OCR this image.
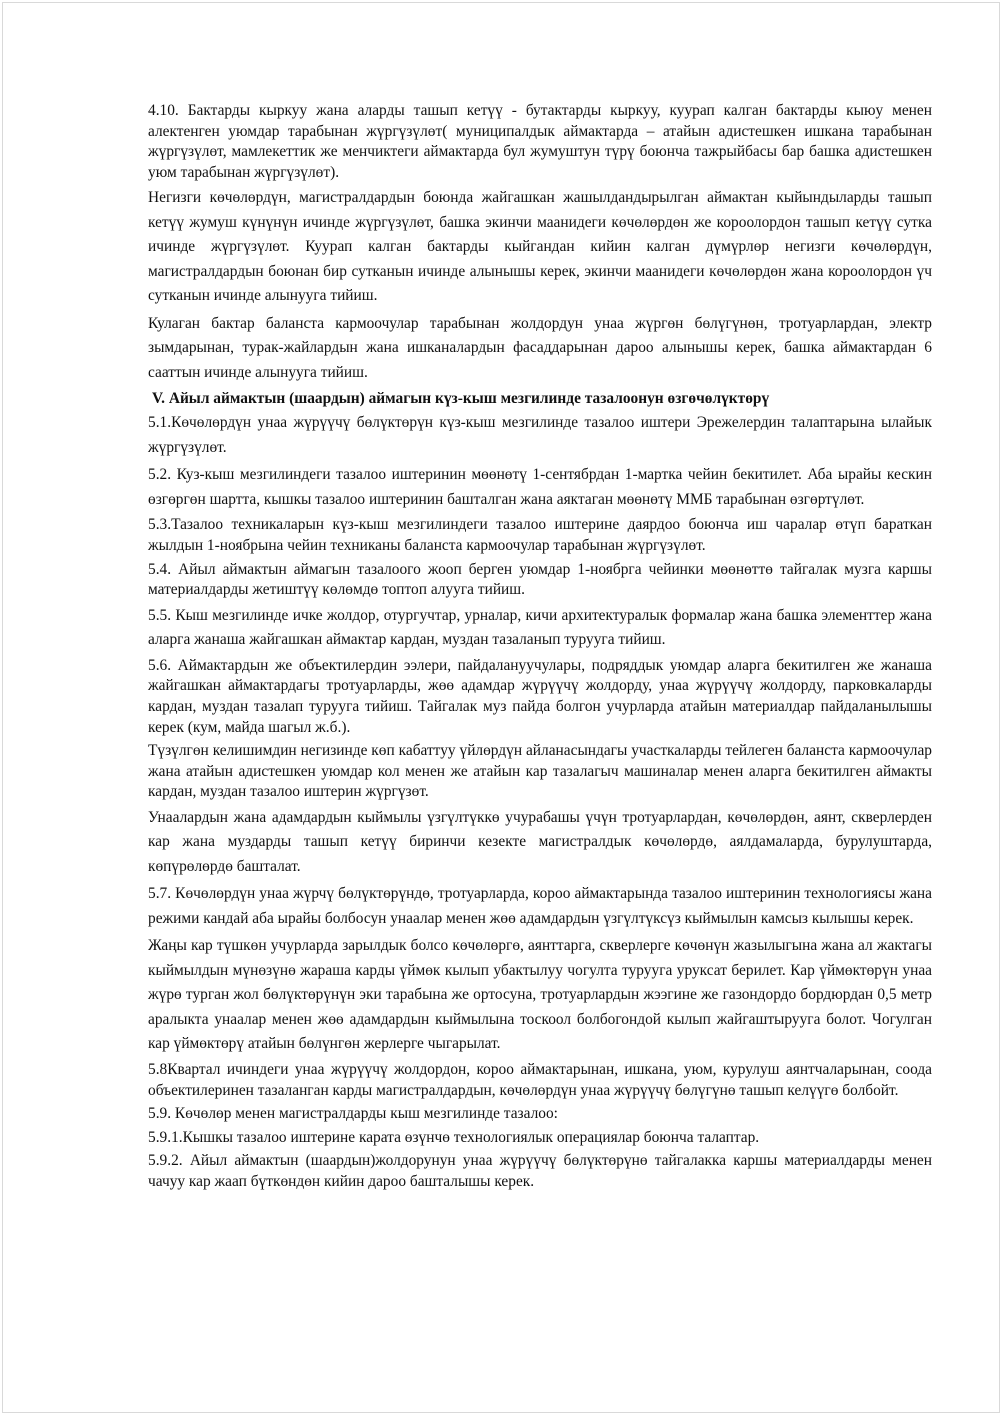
4.10. Бактарды кыркуу жана аларды ташып кетүү - бутактарды кыркуу, куурап калган бактарды кыюу менен алектенген уюмдар тарабынан жүргүзүлөт( муниципалдык аймактарда – атайын адистешкен ишкана тарабынан жүргүзүлөт, мамлекеттик же менчиктеги аймактарда бул жумуштун түрү боюнча тажрыйбасы бар башка адистешкен уюм тарабынан жүргүзүлөт).

Негизги көчөлөрдүн, магистралдардын боюнда жайгашкан жашылдандырылган аймактан кыйындыларды ташып кетүү жумуш күнүнүн ичинде жүргүзүлөт, башка экинчи маанидеги көчөлөрдөн же короолордон ташып кетүү сутка ичинде жүргүзүлөт. Куурап калган бактарды кыйгандан кийин калган дүмүрлөр негизги көчөлөрдүн, магистралдардын боюнан бир сутканын ичинде алынышы керек, экинчи маанидеги көчөлөрдөн жана короолордон үч сутканын ичинде алынууга тийиш.

Кулаган бактар баланста кармоочулар тарабынан жолдордун унаа жүргөн бөлүгүнөн, тротуарлардан, электр зымдарынан, турак-жайлардын жана ишканалардын фасаддарынан дароо алынышы керек, башка аймактардан 6 сааттын ичинде алынууга тийиш.

V. Айыл аймактын (шаардын) аймагын күз-кыш мезгилинде тазалоонун өзгөчөлүктөрү

5.1.Көчөлөрдүн унаа жүрүүчү бөлүктөрүн күз-кыш мезгилинде тазалоо иштери Эрежелердин талаптарына ылайык жүргүзүлөт.

5.2. Куз-кыш мезгилиндеги тазалоо иштеринин мөөнөтү 1-сентябрдан 1-мартка чейин бекитилет. Аба ырайы кескин өзгөргөн шартта, кышкы тазалоо иштеринин башталган жана аяктаган мөөнөтү ММБ тарабынан өзгөртүлөт.

5.3.Тазалоо техникаларын күз-кыш мезгилиндеги тазалоо иштерине даярдоо боюнча иш чаралар өтүп бараткан жылдын 1-ноябрына чейин техниканы баланста кармоочулар тарабынан жүргүзүлөт.

5.4. Айыл аймактын аймагын тазалоого жооп берген уюмдар 1-ноябрга чейинки мөөнөттө тайгалак музга каршы материалдарды жетиштүү көлөмдө топтоп алууга тийиш.

5.5. Кыш мезгилинде ичке жолдор, отургучтар, урналар, кичи архитектуралык формалар жана башка элементтер жана аларга жанаша жайгашкан аймактар кардан, муздан тазаланып турууга тийиш.

5.6. Аймактардын же объектилердин ээлери, пайдалануучулары, подряддык уюмдар аларга бекитилген же жанаша жайгашкан аймактардагы тротуарларды, жөө адамдар жүрүүчү жолдорду, унаа жүрүүчү жолдорду, парковкаларды кардан, муздан тазалап турууга тийиш. Тайгалак муз пайда болгон учурларда атайын материалдар пайдаланылышы керек (кум, майда шагыл ж.б.).

Түзүлгөн келишимдин негизинде көп кабаттуу үйлөрдүн айланасындагы участкаларды тейлеген баланста кармоочулар жана атайын адистешкен уюмдар кол менен же атайын кар тазалагыч машиналар менен аларга бекитилген аймакты кардан, муздан тазалоо иштерин жүргүзөт.

Унаалардын жана адамдардын кыймылы үзгүлтүккө учурабашы үчүн тротуарлардан, көчөлөрдөн, аянт, скверлерден кар жана муздарды ташып кетүү биринчи кезекте магистралдык көчөлөрдө, аялдамаларда, бурулуштарда, көпүрөлөрдө башталат.

5.7. Көчөлөрдүн унаа жүрчү бөлүктөрүндө, тротуарларда, короо аймактарында тазалоо иштеринин технологиясы жана режими кандай аба ырайы болбосун унаалар менен жөө адамдардын үзгүлтүксүз кыймылын камсыз кылышы керек.

Жаңы кар түшкөн учурларда зарылдык болсо көчөлөргө, аянттарга, скверлерге көчөнүн жазылыгына жана ал жактагы кыймылдын мүнөзүнө жараша карды үймөк кылып убактылуу чогулта турууга уруксат берилет. Кар үймөктөрүн унаа жүрө турган жол бөлүктөрүнүн эки тарабына же ортосуна, тротуарлардын жээгине же газондордо бордюрдан 0,5 метр аралыкта унаалар менен жөө адамдардын кыймылына тоскоол болбогондой кылып жайгаштырууга болот. Чогулган кар үймөктөрү атайын бөлүнгөн жерлерге чыгарылат.

5.8Квартал ичиндеги унаа жүрүүчү жолдордон, короо аймактарынан, ишкана, уюм, курулуш аянтчаларынан, соода объектилеринен тазаланган карды магистралдардын, көчөлөрдүн унаа жүрүүчү бөлүгүнө ташып келүүгө болбойт.

5.9. Көчөлөр менен магистралдарды кыш мезгилинде тазалоо:

5.9.1.Кышкы тазалоо иштерине карата өзүнчө технологиялык операциялар боюнча талаптар.

5.9.2. Айыл аймактын (шаардын)жолдорунун унаа жүрүүчү бөлүктөрүнө тайгалакка каршы материалдарды менен чачуу кар жаап бүткөндөн кийин дароо башталышы керек.
